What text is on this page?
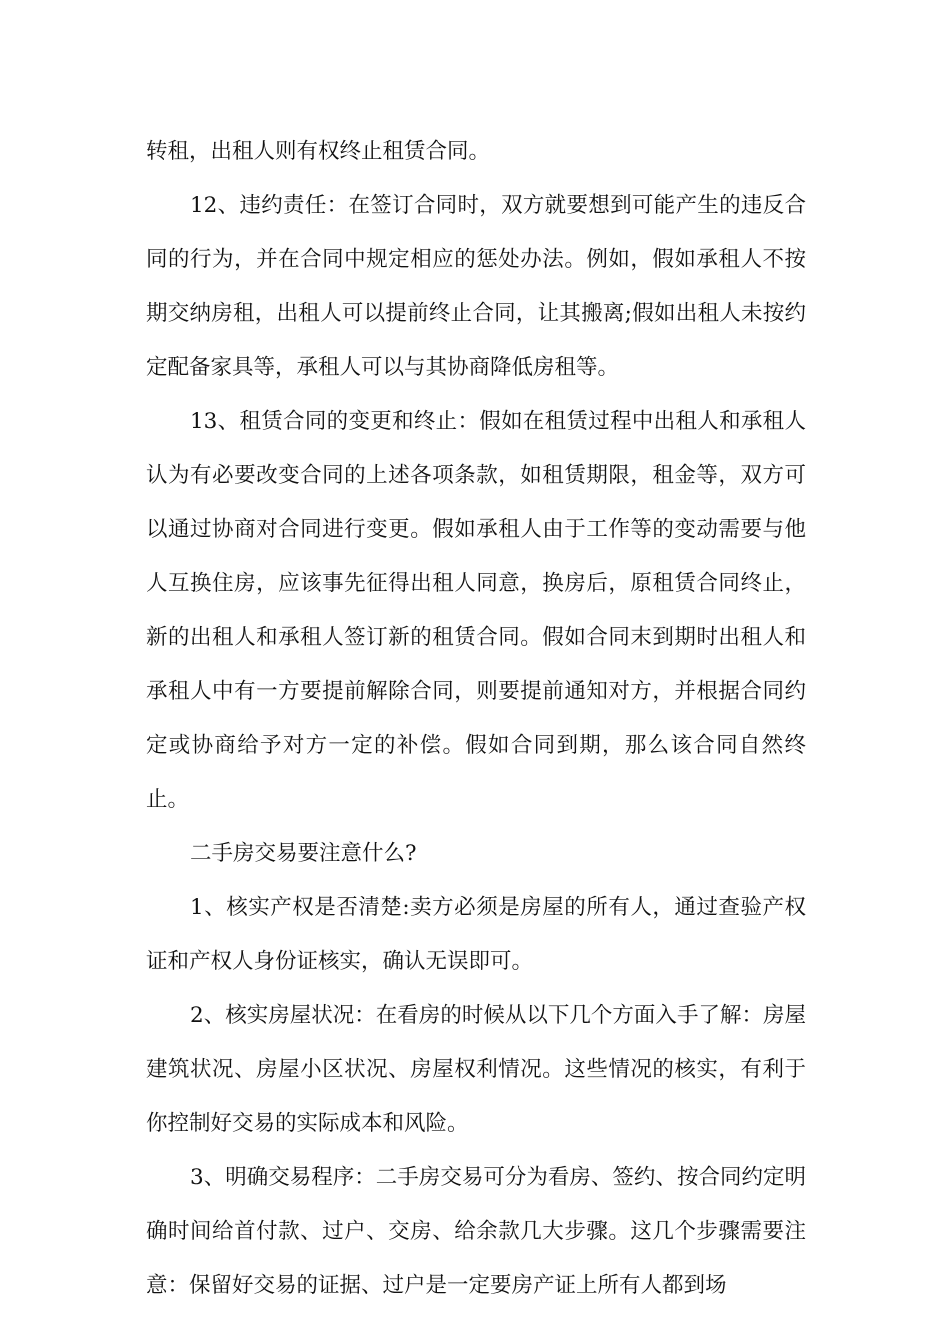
转租，出租人则有权终止租赁合同。

12、违约责任：在签订合同时，双方就要想到可能产生的违反合同的行为，并在合同中规定相应的惩处办法。例如，假如承租人不按期交纳房租，出租人可以提前终止合同，让其搬离;假如出租人未按约定配备家具等，承租人可以与其协商降低房租等。

13、租赁合同的变更和终止：假如在租赁过程中出租人和承租人认为有必要改变合同的上述各项条款，如租赁期限，租金等，双方可以通过协商对合同进行变更。假如承租人由于工作等的变动需要与他人互换住房，应该事先征得出租人同意，换房后，原租赁合同终止，新的出租人和承租人签订新的租赁合同。假如合同末到期时出租人和承租人中有一方要提前解除合同，则要提前通知对方，并根据合同约定或协商给予对方一定的补偿。假如合同到期，那么该合同自然终止。

二手房交易要注意什么?

1、核实产权是否清楚:卖方必须是房屋的所有人，通过查验产权证和产权人身份证核实，确认无误即可。

2、核实房屋状况：在看房的时候从以下几个方面入手了解：房屋建筑状况、房屋小区状况、房屋权利情况。这些情况的核实，有利于你控制好交易的实际成本和风险。

3、明确交易程序：二手房交易可分为看房、签约、按合同约定明确时间给首付款、过户、交房、给余款几大步骤。这几个步骤需要注意：保留好交易的证据、过户是一定要房产证上所有人都到场
